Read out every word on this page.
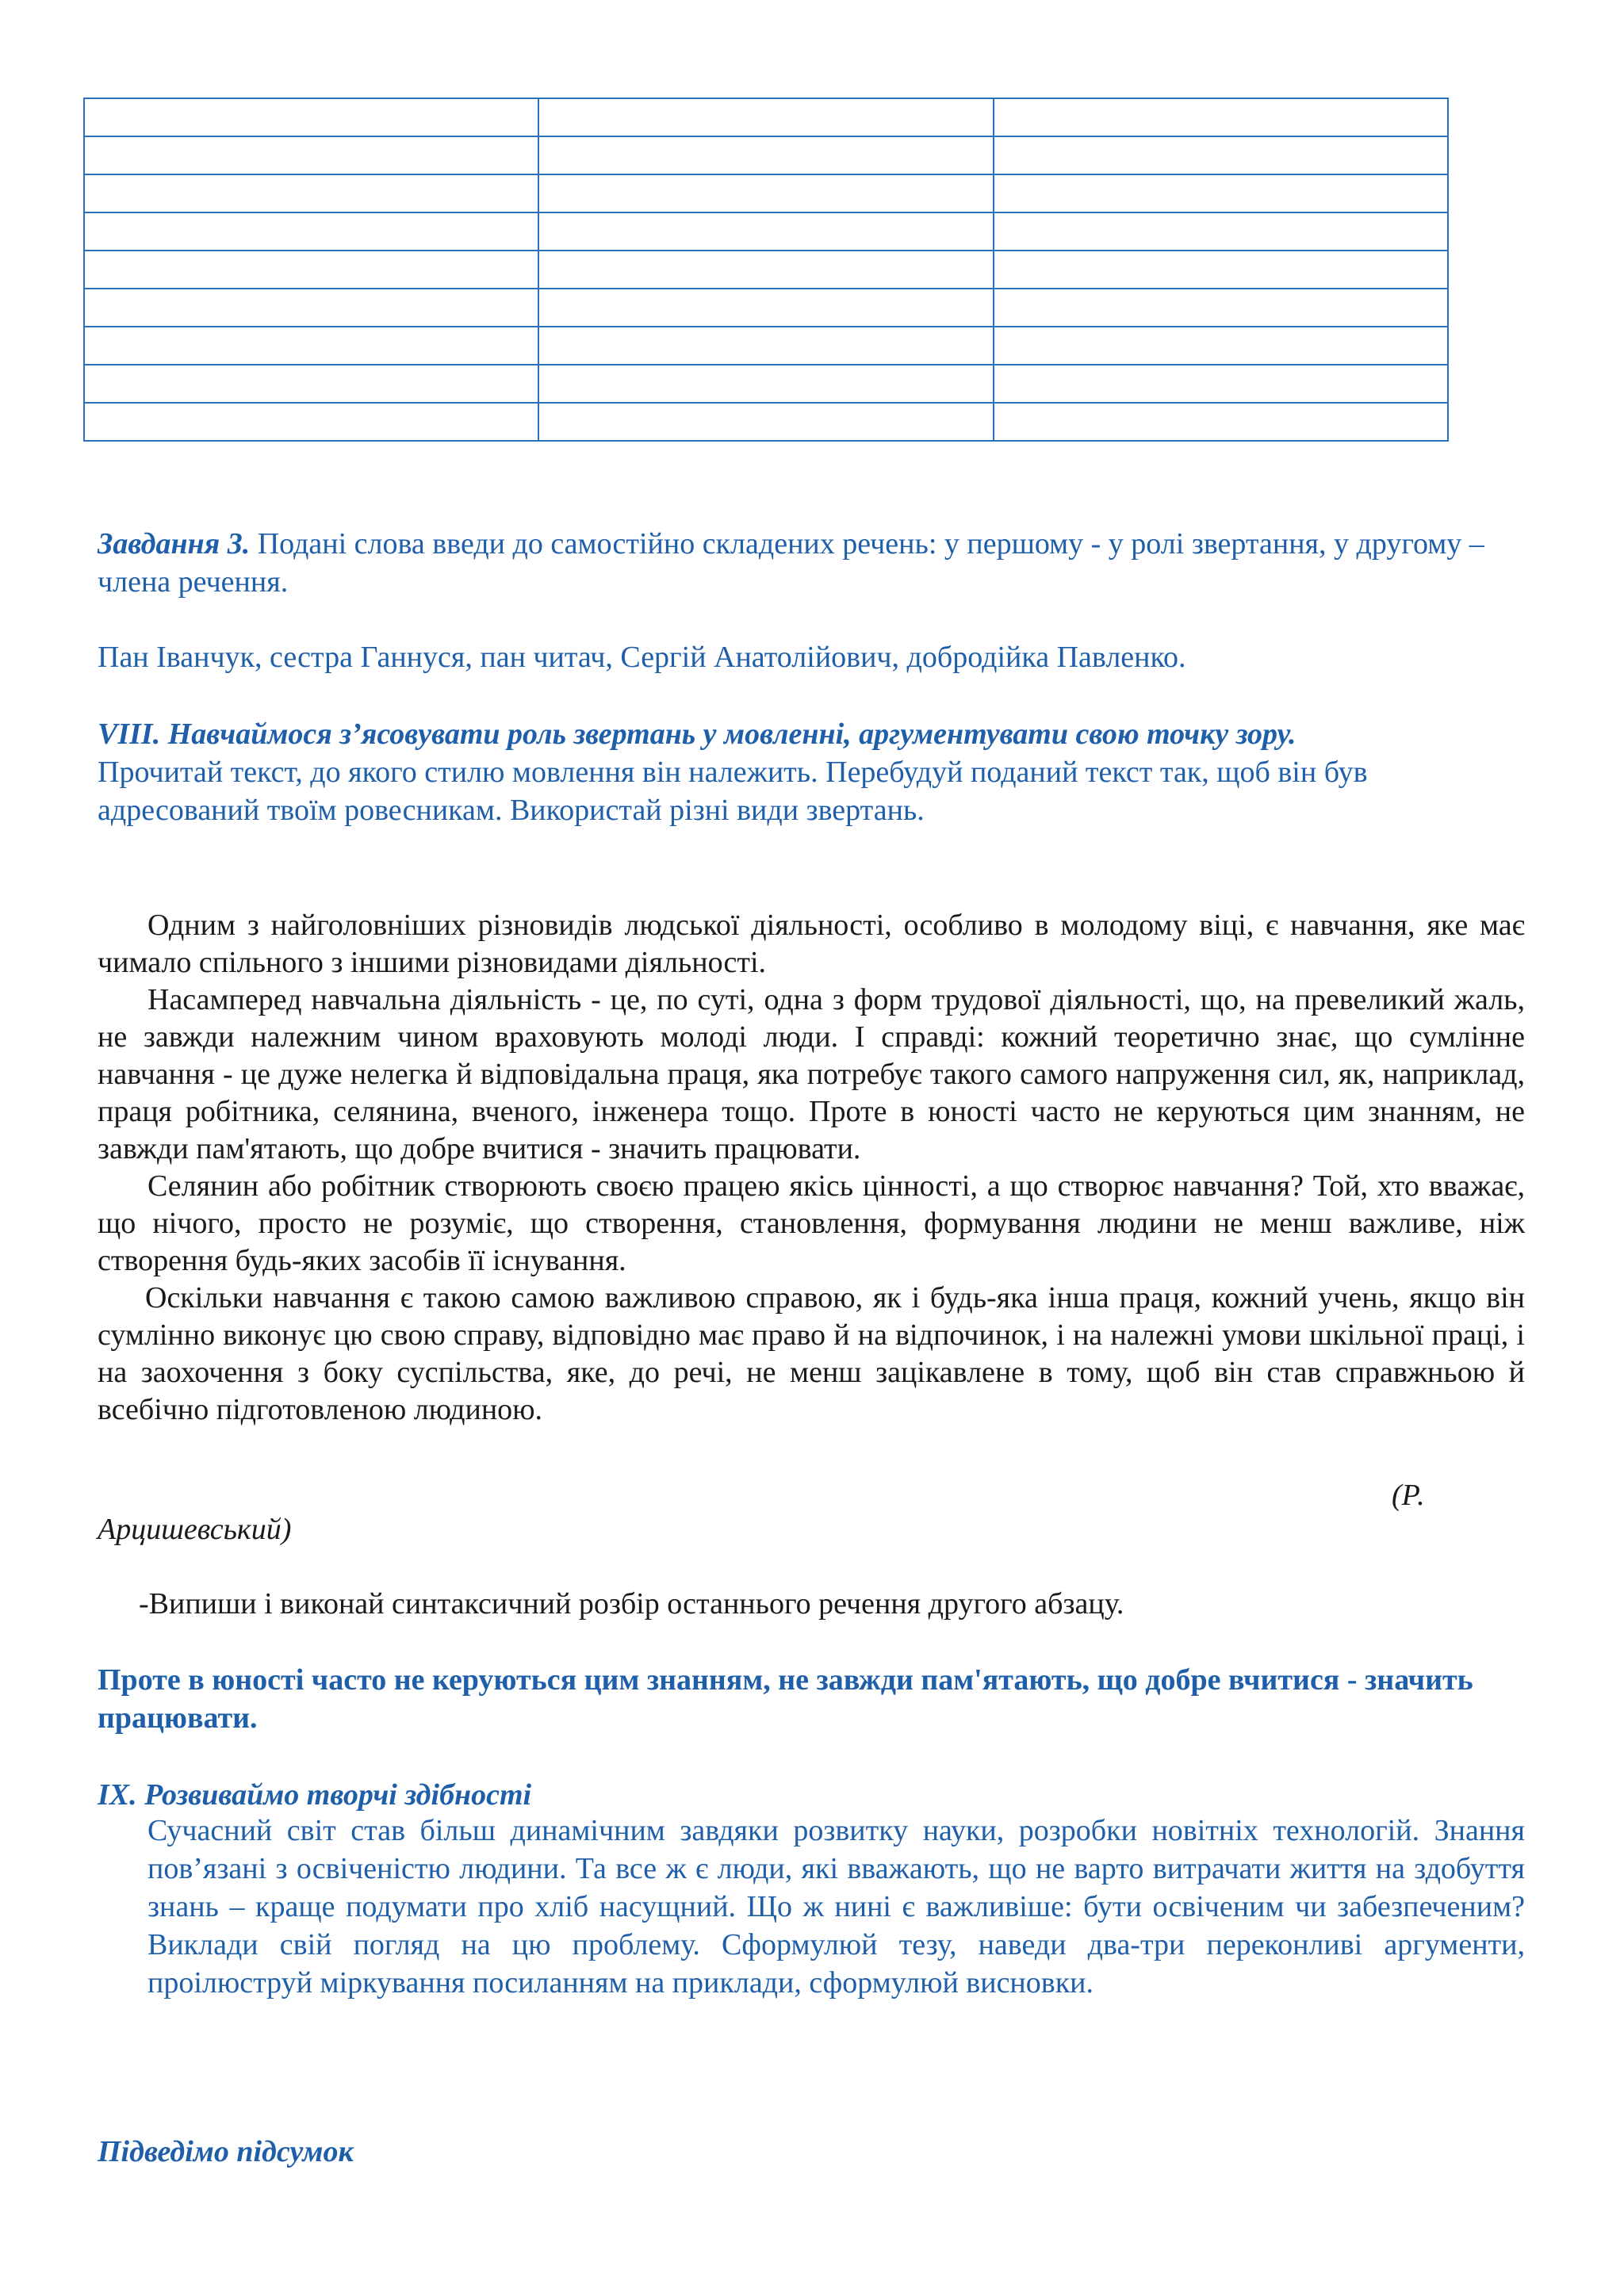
Завдання 3. Подані слова введи до самостійно складених речень: у першому - у ролі звертання, у другому – члена речення.
Пан Іванчук, сестра Ганнуся, пан читач, Сергій Анатолійович, добродійка Павленко.
VIII. Навчаймося з’ясовувати роль звертань у мовленні, аргументувати свою точку зору.
Прочитай текст, до якого стилю мовлення він належить. Перебудуй поданий текст так, щоб він був адресований твоїм ровесникам. Використай різні види звертань.

Одним з найголовніших різновидів людської діяльності, особливо в молодому віці, є навчання, яке має чимало спільного з іншими різновидами діяльності.

Насамперед навчальна діяльність - це, по суті, одна з форм трудової діяльності, що, на превеликий жаль, не завжди належним чином враховують молоді люди. І справді: кожний теоретично знає, що сумлінне навчання - це дуже нелегка й відповідальна праця, яка потребує такого самого напруження сил, як, наприклад, праця робітника, селянина, вченого, інженера тощо. Проте в юності часто не керуються цим знанням, не завжди пам'ятають, що добре вчитися - значить працювати.

Селянин або робітник створюють своєю працею якісь цінності, а що створює навчання? Той, хто вважає, що нічого, просто не розуміє, що створення, становлення, формування людини не менш важливе, ніж створення будь-яких засобів її існування.

Оскільки навчання є такою самою важливою справою, як і будь-яка інша праця, кожний учень, якщо він сумлінно виконує цю свою справу, відповідно має право й на відпочинок, і на належні умови шкільної праці, і на заохочення з боку суспільства, яке, до речі, не менш зацікавлене в тому, щоб він став справжньою й всебічно підготовленою людиною.

(Р.
Арцишевський)
-Випиши і виконай синтаксичний розбір останнього речення другого абзацу.
Проте в юності часто не керуються цим знанням, не завжди пам'ятають, що добре вчитися - значить працювати.
IX. Розвиваймо творчі здібності
Сучасний світ став більш динамічним завдяки розвитку науки, розробки новітніх технологій. Знання пов’язані з освіченістю людини. Та все ж є люди, які вважають, що не варто витрачати життя на здобуття знань – краще подумати про хліб насущний. Що ж нині є важливіше: бути освіченим чи забезпеченим? Виклади свій погляд на цю проблему. Сформулюй тезу, наведи два-три переконливі аргументи, проілюструй міркування посиланням на приклади, сформулюй висновки.
Підведімо підсумок
